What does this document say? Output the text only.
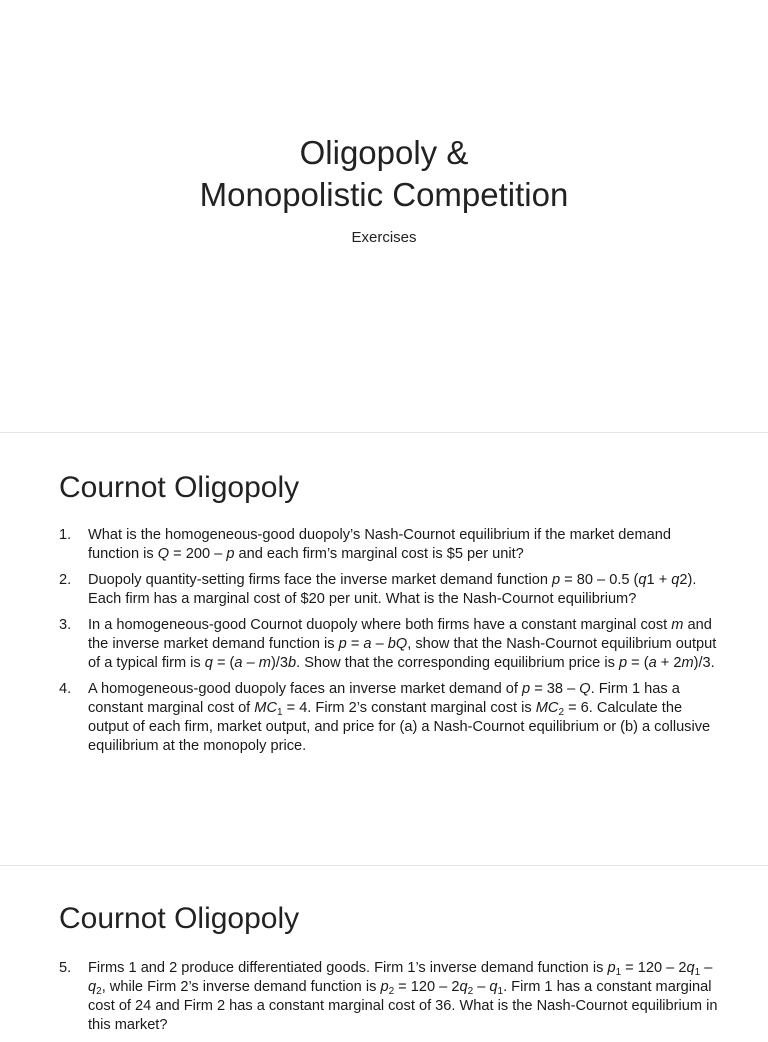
Oligopoly &
Monopolistic Competition
Exercises
Cournot Oligopoly
1. What is the homogeneous-good duopoly’s Nash-Cournot equilibrium if the market demand function is Q = 200 – p and each firm’s marginal cost is $5 per unit?
2. Duopoly quantity-setting firms face the inverse market demand function p = 80 – 0.5 (q1 + q2). Each firm has a marginal cost of $20 per unit. What is the Nash-Cournot equilibrium?
3. In a homogeneous-good Cournot duopoly where both firms have a constant marginal cost m and the inverse market demand function is p = a – bQ, show that the Nash-Cournot equilibrium output of a typical firm is q = (a – m)/3b. Show that the corresponding equilibrium price is p = (a + 2m)/3.
4. A homogeneous-good duopoly faces an inverse market demand of p = 38 – Q. Firm 1 has a constant marginal cost of $MC_1 = 4$. Firm 2’s constant marginal cost is $MC_2 = 6$. Calculate the output of each firm, market output, and price for (a) a Nash-Cournot equilibrium or (b) a collusive equilibrium at the monopoly price.
Cournot Oligopoly
5. Firms 1 and 2 produce differentiated goods. Firm 1’s inverse demand function is $p_1 = 120 - 2q_1 - q_2$, while Firm 2’s inverse demand function is $p_2 = 120 - 2q_2 - q_1$. Firm 1 has a constant marginal cost of 24 and Firm 2 has a constant marginal cost of 36. What is the Nash-Cournot equilibrium in this market?
